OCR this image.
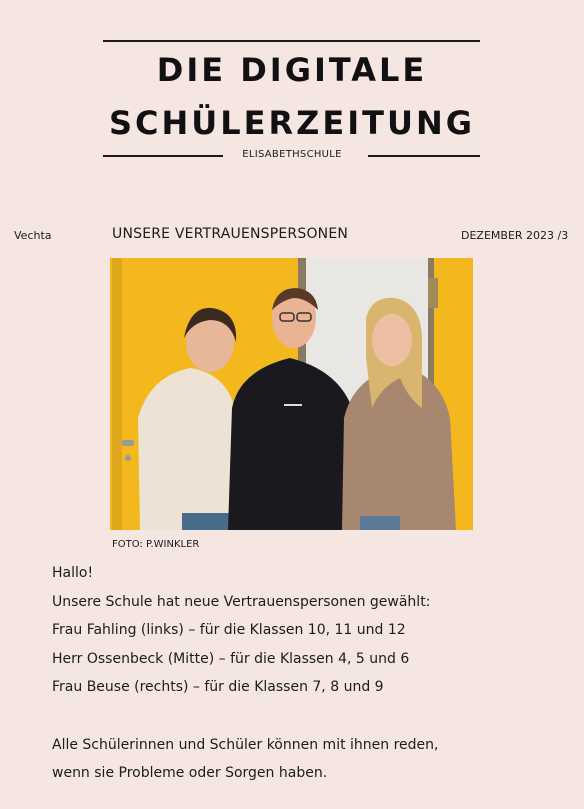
DIE DIGITALE
SCHÜLERZEITUNG
ELISABETHSCHULE
Vechta	UNSERE VERTRAUENSPERSONEN	DEZEMBER 2023 /3
FOTO: P.WINKLER
Hallo!
Unsere Schule hat neue Vertrauenspersonen gewählt:
Frau Fahling (links) – für die Klassen 10, 11 und 12
Herr Ossenbeck (Mitte) – für die Klassen 4, 5 und 6
Frau Beuse (rechts) – für die Klassen 7, 8 und 9
Alle Schülerinnen und Schüler können mit ihnen reden,
wenn sie Probleme oder Sorgen haben.
